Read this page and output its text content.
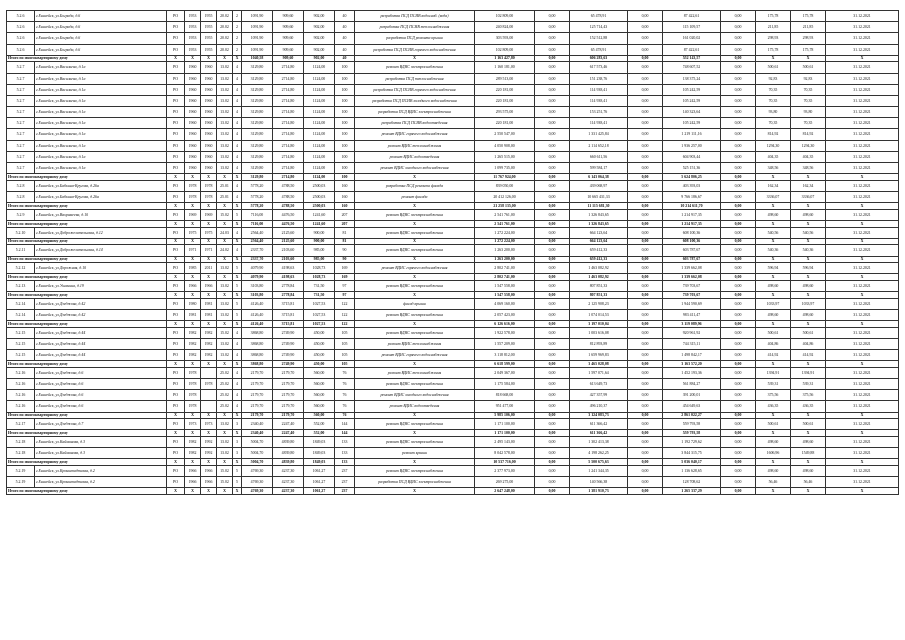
5.2.6	г.Енисейск, ул.Бограда, д.6	РО	1953	1955	20.02	2	1091,90	909,60	902,00	40	разработка ПСД ПСИВ водоснаб. (вода)	102 809,00	0,00	65 478,91	0,00	87 422,61	0,00	175,78	175,78	31.12.2021
5.2.6	г.Енисейск, ул.Бограда, д.6	РО	1953	1955	20.02	2	1091,90	909,60	902,00	40	разработка ПСД ПСИВ теплоснабжения	240 824,00	0,00	125 714,43	0,00	115 109,57	0,00	211,85	211,85	31.12.2021
5.2.6	г.Енисейск, ул.Бограда, д.6	РО	1953	1955	20.02	2	1091,90	909,60	902,00	40	разработка ПСД ремонта крыши	303 593,00	0,00	152 512,88	0,00	161 020,02	0,00	298,93	298,93	31.12.2021
5.2.6	г.Енисейск, ул.Бограда, д.6	РО	1953	1955	20.02	2	1091,90	909,60	902,00	40	разработка ПСД ПСИВ горячего водоснабжения	102 809,00	0,00	65 478,91	0,00	87 422,61	0,00	175,78	175,78	31.12.2021
Итого по многоквартирному дому		X	X	X	X	X	1040,58	909,60	902,00	40	X	1 163 427,80	0,00	606 283,63	0,00	552 143,57	0,00	X	X	X
5.2.7	г.Енисейск, ул.Васильева, д.1а	РО	1960	1960	13.02	4	3129,80	2714,80	1124,00	100	ремонт ВДИС электроснабжения	1 160 181,00	0,00	617 573,46	0,00	748 607,52	0,00	500,61	500,61	31.12.2021
5.2.7	г.Енисейск, ул.Васильева, д.1а	РО	1960	1960	13.02	4	3129,80	2714,80	1124,00	100	разработка ПСД теплоснабжения	289 513,00	0,00	151 238,76	0,00	138 375,24	0,00	92,83	92,83	31.12.2021
5.2.7	г.Енисейск, ул.Васильева, д.1а	РО	1960	1960	13.02	4	3129,80	2714,80	1124,00	100	разработка ПСД ПСИВ горячего водоснабжения	220 181,00	0,00	114 938,41	0,00	105 242,59	0,00	70,35	70,35	31.12.2021
5.2.7	г.Енисейск, ул.Васильева, д.1а	РО	1960	1960	13.02	4	3129,80	2714,80	1124,00	100	разработка ПСД ПСИВ холодного водоснабжения	220 181,00	0,00	114 938,41	0,00	105 242,59	0,00	70,35	70,35	31.12.2021
5.2.7	г.Енисейск, ул.Васильева, д.1а	РО	1960	1960	13.02	4	3129,80	2714,80	1124,00	100	разработка ПСД ВДИС электроснабжения	293 575,00	0,00	153 251,76	0,00	140 323,64	0,00	93,80	93,80	31.12.2021
5.2.7	г.Енисейск, ул.Васильева, д.1а	РО	1960	1960	13.02	4	3129,80	2714,80	1124,00	100	разработка ПСД ПСИВ водоотведения	220 181,00	0,00	114 938,41	0,00	105 242,59	0,00	70,35	70,35	31.12.2021
5.2.7	г.Енисейск, ул.Васильева, д.1а	РО	1960	1960	13.02	4	3129,80	2714,80	1124,00	100	ремонт ВДИС горячего водоснабжения	2 550 547,00	0,00	1 331 425,84	0,00	1 219 111,16	0,00	814,92	814,92	31.12.2021
5.2.7	г.Енисейск, ул.Васильева, д.1а	РО	1960	1960	13.02	4	3129,80	2714,80	1124,00	100	ремонт ВДИС теплоснабжения	4 050 908,00	0,00	2 114 652,18	0,00	1 936 257,00	0,00	1294,30	1294,30	31.12.2021
5.2.7	г.Енисейск, ул.Васильева, д.1а	РО	1960	1960	13.02	4	3129,80	2714,80	1124,00	100	ремонт ВДИС водоотведения	1 265 515,00	0,00	660 611,56	0,00	604 903,44	0,00	404,35	404,35	31.12.2021
5.2.7	г.Енисейск, ул.Васильева, д.1а	РО	1960	1960	13.02	4	3129,80	2714,80	1124,00	100	ремонт ВДИС холодного водоснабжения	1 099 735,00	0,00	599 584,17	0,00	525 151,36	0,00	348,56	348,56	31.12.2021
Итого по многоквартирному дому		X	X	X	X	X	3129,80	2714,80	1124,00	100	X	11 767 924,00	0,00	6 143 064,38	0,00	5 624 806,25	0,00	X	X	X
5.2.8	г.Енисейск, ул.Бабкина-Кругова, д.26а	РО	1978	1978	25.01	4	5778,20	4788,50	2500,03	160	разработка ПСД ремонта фасада	839 050,00	0,00	439 068,97	0,00	403 393,03	0,00	162,34	162,34	31.12.2021
5.2.8	г.Енисейск, ул.Бабкина-Кругова, д.26а	РО	1978	1978	25.01	4	5778,20	4788,50	2500,03	160	ремонт фасада	20 412 126,00	0,00	10 665 431,33	0,00	9 766 186,67	0,00	3336,07	3336,07	31.12.2021
Итого по многоквартирному дому		X	X	X	X	X	5778,20	4788,50	2500,03	160	X	21 258 135,00	0,00	11 115 681,30	0,00	10 214 611,70	0,00	X	X	X
5.2.9	г.Енисейск, ул.Вахрамеева, д.10	РО	1969	1969	15.02	5	7116,00	4476,50	1241,60	207	ремонт ВДИС электроснабжения	2 541 761,00	0,00	1 326 843,65	0,00	1 214 917,35	0,00	498,60	498,60	31.12.2021
Итого по многоквартирному дому		X	X	X	X	X	7116,00	4476,50	1241,60	207	X	2 541 761,00	0,00	1 326 843,65	0,00	1 214 917,35	0,00	X	X	X
5.2.10	г.Енисейск, ул.Доброжелательская, д.12	РО	1975	1975	24.03	4	2564,40	2125,60	900,00	81	ремонт ВДИС электроснабжения	1 272 224,00	0,00	664 123,64	0,00	608 100,36	0,00	540,56	540,56	31.12.2021
Итого по многоквартирному дому		X	X	X	X	X	2564,40	2125,60	900,00	81	X	1 272 224,00	0,00	664 123,64	0,00	608 100,36	0,00	X	X	X
5.2.11	г.Енисейск, ул.Доброжелательская, д.14	РО	1971	1971	24.02	4	2337,70	2103,60	985,00	90	ремонт ВДИС электроснабжения	1 263 200,00	0,00	659 412,33	0,00	603 787,67	0,00	540,36	540,36	31.12.2021
Итого по многоквартирному дому		X	X	X	X	X	2337,70	2103,60	985,00	90	X	1 263 200,00	0,00	659 412,33	0,00	603 787,67	0,00	X	X	X
5.2.12	г.Енисейск, ул.Дорожная, д.10	РО	1985	2011	13.02	5	4079,90	4198,63	1028,73	169	ремонт ВДИС горячего водоснабжения	2 802 741,00	0,00	1 463 082,92	0,00	1 339 662,08	0,00	596,94	596,94	31.12.2021
Итого по многоквартирному дому		X	X	X	X	X	4079,90	4198,63	1028,73	169	X	2 802 741,00	0,00	1 463 082,92	0,00	1 339 662,08	0,00	X	X	X
5.2.13	г.Енисейск, ул.Ушанина, д.19	РО	1966	1966	13.02	5	3103,80	2778,84	731,50	97	ремонт ВДИС электроснабжения	1 547 558,00	0,00	807 851,33	0,00	739 703,67	0,00	498,60	498,60	31.12.2021
Итого по многоквартирному дому		X	X	X	X	X	3103,80	2778,84	731,50	97	X	1 547 558,00	0,00	807 851,33	0,00	739 703,67	0,00	X	X	X
5.2.14	г.Енисейск, ул.Дзеджова, д.42	РО	1980	1981	13.02	5	4126,40	3715,81	1027,53	122	фасад крыши	4 069 160,00	0,00	2 125 908,23	0,00	1 944 590,69	0,00	1033,97	1033,97	31.12.2021
5.2.14	г.Енисейск, ул.Дзеджова, д.42	РО	1981	1981	13.02	5	4126,40	3715,81	1027,53	122	ремонт ВДИС электроснабжения	2 057 423,00	0,00	1 074 014,53	0,00	983 411,47	0,00	498,60	498,60	31.12.2021
Итого по многоквартирному дому		X	X	X	X	X	4126,40	3715,81	1027,53	122	X	6 126 616,00	0,00	3 197 010,04	0,00	3 119 089,96	0,00	X	X	X
5.2.15	г.Енисейск, ул.Дзеджова, д.44	РО	1982	1982	15.02	4	3868,80	2749,90	450,00	105	ремонт ВДИС электроснабжения	1 922 578,00	0,00	1 003 616,08	0,00	920 961,92	0,00	500,61	500,61	31.12.2021
5.2.15	г.Енисейск, ул.Дзеджова, д.44	РО	1982	1982	13.02	4	3868,80	2749,90	450,00	105	ремонт ВДИС теплоснабжения	1 557 209,00	0,00	812 893,89	0,00	744 315,11	0,00	404,86	404,86	31.12.2021
5.2.15	г.Енисейск, ул.Дзеджова, д.44	РО	1982	1982	13.02	4	3868,80	2749,90	450,00	105	ремонт ВДИС горячего водоснабжения	3 118 812,00	0,00	1 659 969,83	0,00	1 498 842,17	0,00	414,92	414,92	31.12.2021
Итого по многоквартирному дому		X	X	X	X	X	3868,80	2749,90	450,00	105	X	6 618 599,00	0,00	3 465 028,08	0,00	3 163 572,20	0,00	X	X	X
5.2.16	г.Енисейск, ул.Дзеджова, д.6	РО	1978		25.02	4	2179,70	2179,70	560,00	76	ремонт ВДИС теплоснабжения	2 049 367,00	0,00	1 597 071,64	0,00	1 452 193,36	0,00	1394,91	1394,91	31.12.2021
5.2.16	г.Енисейск, ул.Дзеджова, д.6	РО	1978	1978	25.02	4	2179,70	2179,70	560,00	76	ремонт ВДИС электроснабжения	1 175 584,00	0,00	613 649,73	0,00	561 884,27	0,00	539,31	539,31	31.12.2021
5.2.16	г.Енисейск, ул.Дзеджова, д.6	РО	1978		25.02	4	2179,70	2179,70	560,00	76	ремонт ВДИС холодного водоснабжения	818 668,00	0,00	427 357,99	0,00	391 200,01	0,00	375,56	375,56	31.12.2021
5.2.16	г.Енисейск, ул.Дзеджова, д.6	РО	1978		25.02	4	2179,70	2179,70	560,00	76	ремонт ВДИС водоотведения	951 477,00	0,00	496 210,37	0,00	454 649,63	0,00	436,35	436,35	31.12.2021
Итого по многоквартирному дому		X	X	X	X	X	2179,70	2179,70	560,00	76	X	5 985 106,00	0,00	3 124 083,73	0,00	2 861 022,27	0,00	X	X	X
5.2.17	г.Енисейск, ул.Дзеджова, д.7	РО	1973	1973	13.02	3	2340,40	2247,40	552,00	144	ремонт ВДИС электроснабжения	1 171 100,00	0,00	611 366,42	0,00	559 793,58	0,00	500,61	500,61	31.12.2021
Итого по многоквартирному дому		X	X	X	X	X	2340,40	2247,40	552,00	144	X	1 171 100,00	0,00	611 366,42	0,00	559 793,58	0,00	X	X	X
5.2.18	г.Енисейск, ул.Кайманова, д.3	РО	1982	1992	13.02	3	5004,70	4839,80	1849,03	133	ремонт ВДИС электроснабжения	2 495 143,00	0,00	1 302 413,38	0,00	1 192 729,62	0,00	498,60	498,60	31.12.2021
5.2.18	г.Енисейск, ул.Кайманова, д.3	РО	1982	1992	13.02	3	5004,70	4839,80	1849,03	133	ремонт крыши	8 042 578,00	0,00	4 198 262,25	0,00	3 844 315,75	0,00	1606,96	1549,88	31.12.2021
Итого по многоквартирному дому		X	X	X	X	X	5004,70	4839,80	1849,03	133	X	10 537 716,00	0,00	5 500 675,63	0,00	5 036 040,17	0,00	X	X	X
5.2.19	г.Енисейск, ул.Кронштадтская, д.2	РО	1966	1966	15.02	5	4769,30	4237,30	1061,27	237	ремонт ВДИС электроснабжения	2 377 973,00	0,00	1 241 344,35	0,00	1 136 628,65	0,00	498,60	498,60	31.12.2021
5.2.19	г.Енисейск, ул.Кронштадтская, д.2	РО	1966	1966	15.02	5	4769,30	4237,30	1061,27	237	разработка ПСД ВДИС электроснабжения	269 275,00	0,00	140 566,38	0,00	128 708,62	0,00	56,46	56,46	31.12.2021
Итого по многоквартирному дому		X	X	X	X	X	4769,30	4237,30	1061,27	237	X	2 647 248,00	0,00	1 381 910,73	0,00	1 265 337,29	0,00	X	X	X
